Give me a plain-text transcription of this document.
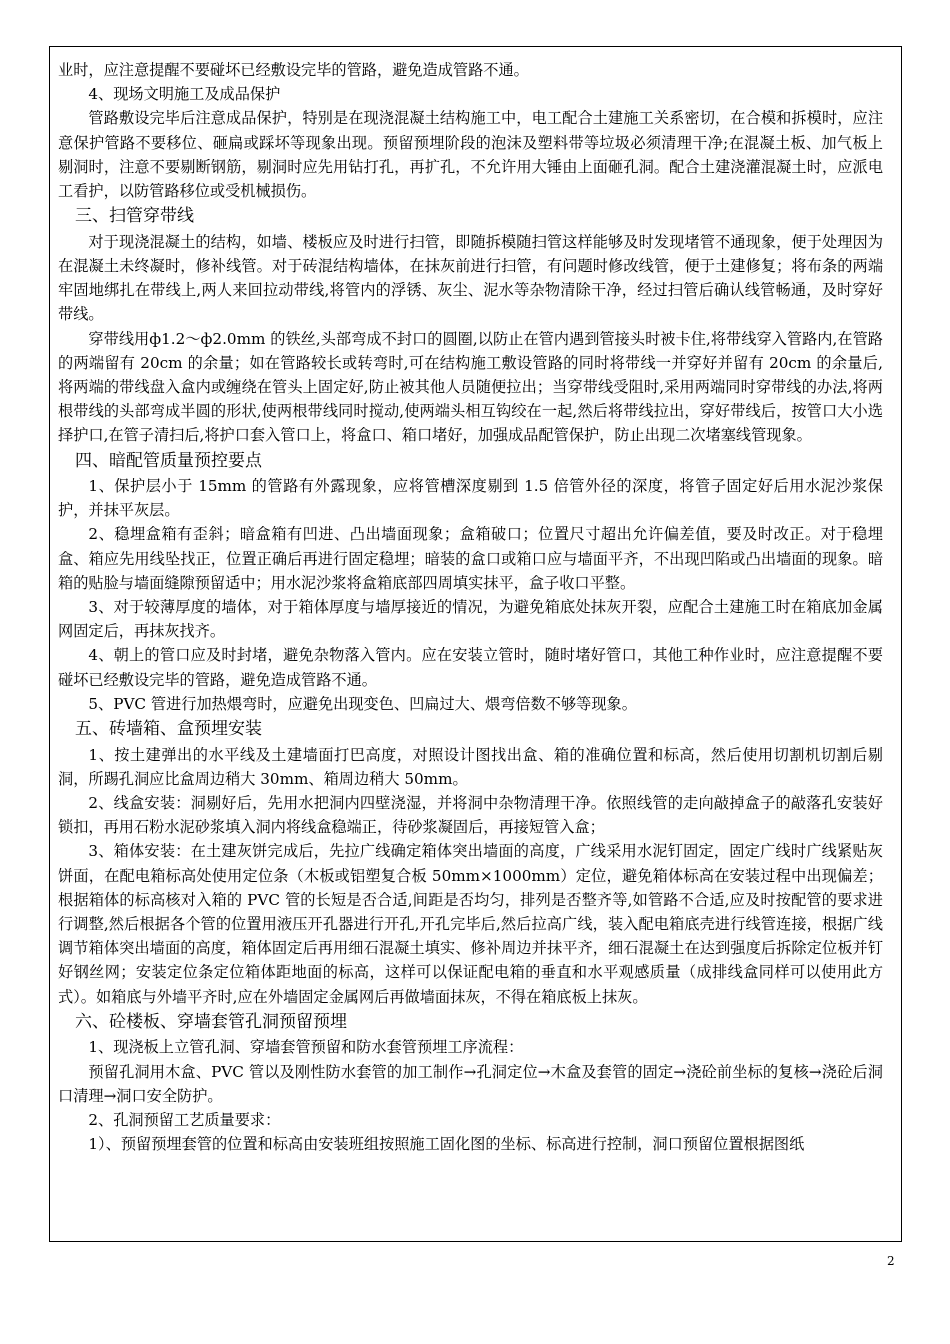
业时，应注意提醒不要碰坏已经敷设完毕的管路，避免造成管路不通。

4、现场文明施工及成品保护

管路敷设完毕后注意成品保护，特别是在现浇混凝土结构施工中，电工配合土建施工关系密切，在合模和拆模时，应注意保护管路不要移位、砸扁或踩坏等现象出现。预留预埋阶段的泡沫及塑料带等垃圾必须清理干净;在混凝土板、加气板上剔洞时，注意不要剔断钢筋，剔洞时应先用钻打孔，再扩孔，不允许用大锤由上面砸孔洞。配合土建浇灌混凝土时，应派电工看护，以防管路移位或受机械损伤。

三、扫管穿带线

对于现浇混凝土的结构，如墙、楼板应及时进行扫管，即随拆模随扫管这样能够及时发现堵管不通现象，便于处理因为在混凝土未终凝时，修补线管。对于砖混结构墙体，在抹灰前进行扫管，有问题时修改线管，便于土建修复；将布条的两端牢固地绑扎在带线上,两人来回拉动带线,将管内的浮锈、灰尘、泥水等杂物清除干净，经过扫管后确认线管畅通，及时穿好带线。

穿带线用ф1.2～ф2.0mm 的铁丝,头部弯成不封口的圆圈,以防止在管内遇到管接头时被卡住,将带线穿入管路内,在管路的两端留有 20cm 的余量；如在管路较长或转弯时,可在结构施工敷设管路的同时将带线一并穿好并留有 20cm 的余量后,将两端的带线盘入盒内或缠绕在管头上固定好,防止被其他人员随便拉出；当穿带线受阻时,采用两端同时穿带线的办法,将两根带线的头部弯成半圆的形状,使两根带线同时搅动,使两端头相互钩绞在一起,然后将带线拉出，穿好带线后，按管口大小选择护口,在管子清扫后,将护口套入管口上，将盒口、箱口堵好，加强成品配管保护，防止出现二次堵塞线管现象。

四、暗配管质量预控要点

1、保护层小于 15mm 的管路有外露现象，应将管槽深度剔到 1.5 倍管外径的深度，将管子固定好后用水泥沙浆保护，并抹平灰层。

2、稳埋盒箱有歪斜；暗盒箱有凹进、凸出墙面现象；盒箱破口；位置尺寸超出允许偏差值，要及时改正。对于稳埋盒、箱应先用线坠找正，位置正确后再进行固定稳埋；暗装的盒口或箱口应与墙面平齐，不出现凹陷或凸出墙面的现象。暗箱的贴脸与墙面缝隙预留适中；用水泥沙浆将盒箱底部四周填实抹平，盒子收口平整。

3、对于较薄厚度的墙体，对于箱体厚度与墙厚接近的情况，为避免箱底处抹灰开裂，应配合土建施工时在箱底加金属网固定后，再抹灰找齐。

4、朝上的管口应及时封堵，避免杂物落入管内。应在安装立管时，随时堵好管口，其他工种作业时，应注意提醒不要碰坏已经敷设完毕的管路，避免造成管路不通。

5、PVC 管进行加热煨弯时，应避免出现变色、凹扁过大、煨弯倍数不够等现象。

五、砖墙箱、盒预埋安装

1、按土建弹出的水平线及土建墙面打巴高度，对照设计图找出盒、箱的准确位置和标高，然后使用切割机切割后剔洞，所踢孔洞应比盒周边稍大 30mm、箱周边稍大 50mm。

2、线盒安装：洞剔好后，先用水把洞内四壁浇湿，并将洞中杂物清理干净。依照线管的走向敲掉盒子的敲落孔安装好锁扣，再用石粉水泥砂浆填入洞内将线盒稳端正，待砂浆凝固后，再接短管入盒；

3、箱体安装：在土建灰饼完成后，先拉广线确定箱体突出墙面的高度，广线采用水泥钉固定，固定广线时广线紧贴灰饼面，在配电箱标高处使用定位条（木板或铝塑复合板 50mm×1000mm）定位，避免箱体标高在安装过程中出现偏差；根据箱体的标高核对入箱的 PVC 管的长短是否合适,间距是否均匀，排列是否整齐等,如管路不合适,应及时按配管的要求进行调整,然后根据各个管的位置用液压开孔器进行开孔,开孔完毕后,然后拉高广线，装入配电箱底壳进行线管连接，根据广线调节箱体突出墙面的高度，箱体固定后再用细石混凝土填实、修补周边并抹平齐，细石混凝土在达到强度后拆除定位板并钉好钢丝网；安装定位条定位箱体距地面的标高，这样可以保证配电箱的垂直和水平观感质量（成排线盒同样可以使用此方式）。如箱底与外墙平齐时,应在外墙固定金属网后再做墙面抹灰，不得在箱底板上抹灰。

六、砼楼板、穿墙套管孔洞预留预埋

1、现浇板上立管孔洞、穿墙套管预留和防水套管预埋工序流程：

预留孔洞用木盒、PVC 管以及刚性防水套管的加工制作→孔洞定位→木盒及套管的固定→浇砼前坐标的复核→浇砼后洞口清理→洞口安全防护。

2、孔洞预留工艺质量要求：

1）、预留预埋套管的位置和标高由安装班组按照施工固化图的坐标、标高进行控制，洞口预留位置根据图纸

2
